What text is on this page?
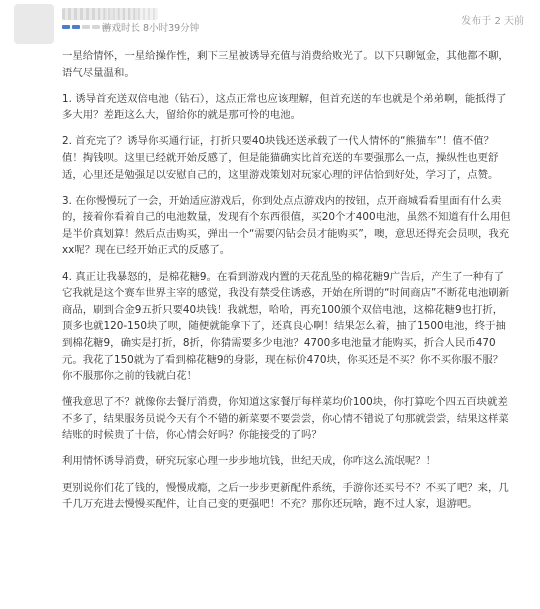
游戏时长 8小时39分钟
发布于 2 天前

一星给情怀，一星给操作性，剩下三星被诱导充值与消费给败光了。以下只聊氪金，其他都不聊，语气尽量温和。

1. 诱导首充送双倍电池（钻石），这点正常也应该理解，但首充送的车也就是个弟弟啊，能抵得了多大用？差距这么大，留给你的就是那可怜的电池。

2. 首充完了？诱导你买通行证，打折只要40块钱还送承载了一代人情怀的“熊猫车”！值不值？值！掏钱呗。这里已经就开始反感了，但是能猫确实比首充送的车要强那么一点，操纵性也更舒适，心里还是勉强足以安慰自己的，这里游戏策划对玩家心理的评估恰到好处，学习了，点赞。

3. 在你慢慢玩了一会，开始适应游戏后，你到处点点游戏内的按钮，点开商城看看里面有什么卖的，接着你看着自己的电池数量，发现有个东西很值，买20个才400电池，虽然不知道有什么用但是半价真划算！然后点击购买，弹出一个“需要闪钻会员才能购买”，噢，意思还得充会员呗，我充xx呢？现在已经开始正式的反感了。

4. 真正让我暴怒的，是棉花糖9。在看到游戏内置的天花乱坠的棉花糖9广告后，产生了一种有了它我就是这个赛车世界主宰的感觉，我没有禁受住诱惑，开始在所谓的“时间商店”不断花电池刷新商品，刷到合金9五折只要40块钱！我就想，哈哈，再充100颁个双倍电池，这棉花糖9也打折，顶多也就120-150块了呗，随便就能拿下了，还真良心啊！结果怎么着，抽了1500电池，终于抽到棉花糖9，确实是打折，8折，你猜需要多少电池？4700多电池量才能购买，折合人民币470元。我花了150就为了看到棉花糖9的身影，现在标价470块，你买还是不买？你不买你服不服？你不服那你之前的钱就白花！

懂我意思了不？就像你去餐厅消费，你知道这家餐厅每样菜均价100块，你打算吃个四五百块就差不多了，结果服务员说今天有个不错的新菜要不要尝尝，你心情不错说了句那就尝尝，结果这样菜结账的时候贵了十倍，你心情会好吗？你能接受的了吗？

利用情怀诱导消费，研究玩家心理一步步地坑钱，世纪天成，你咋这么流氓呢？！

更别说你们花了钱的，慢慢成瘾，之后一步步更新配件系统，手游你还买号不？不买了吧？来，几千几万充进去慢慢买配件，让自己变的更强吧！不充？那你还玩啥，跑不过人家，退游吧。
